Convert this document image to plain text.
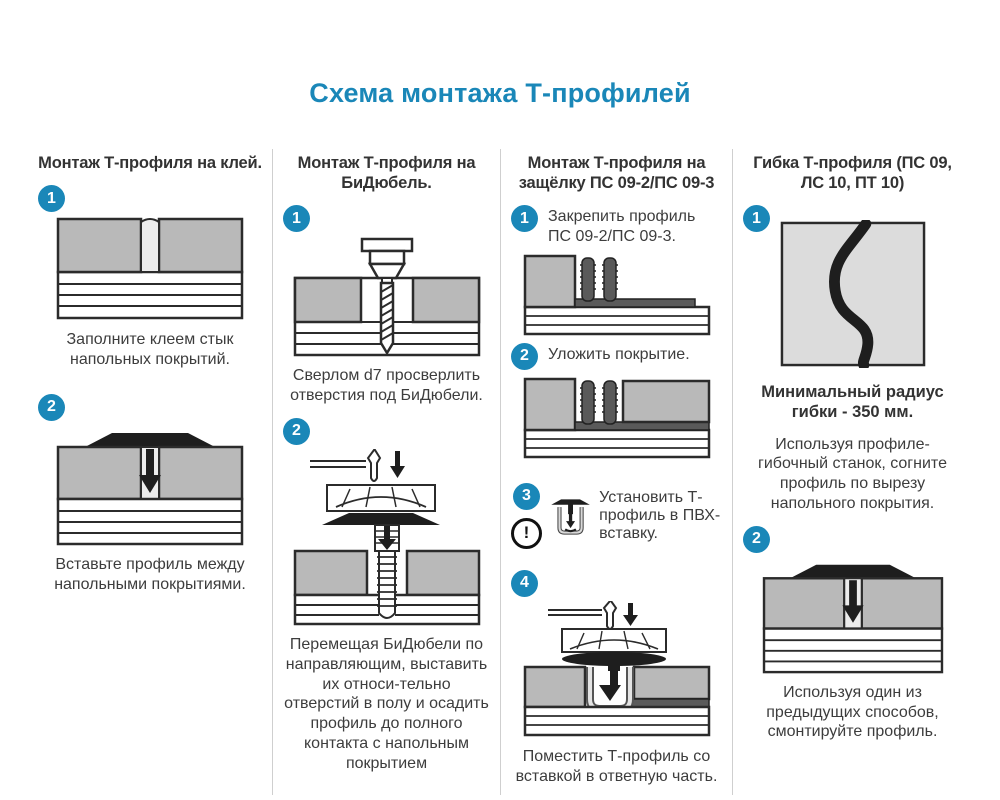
Схема монтажа Т-профилей
Монтаж Т-профиля на клей.
1

Заполните клеем стык напольных покрытий.

2

Вставьте профиль между напольными покрытиями.

Монтаж Т-профиля на БиДюбель.
1

Сверлом d7 просверлить отверстия под БиДюбели.

2

Перемещая БиДюбели по направляющим, выставить их относи-тельно отверстий в полу и осадить профиль до полного контакта с напольным покрытием

Монтаж Т-профиля на защёлку ПС 09-2/ПС 09-3
1	Закрепить профиль ПС 09-2/ПС 09-3.

2	Уложить покрытие.

3
!

Установить Т-профиль в ПВХ-вставку.

4

Поместить Т-профиль со вставкой в ответную часть.

Гибка Т-профиля (ПС 09, ЛС 10, ПТ 10)
1

Минимальный радиус гибки - 350 мм.

Используя профиле-гибочный станок, согните профиль по вырезу напольного покрытия.

2

Используя один из предыдущих способов, смонтируйте профиль.
